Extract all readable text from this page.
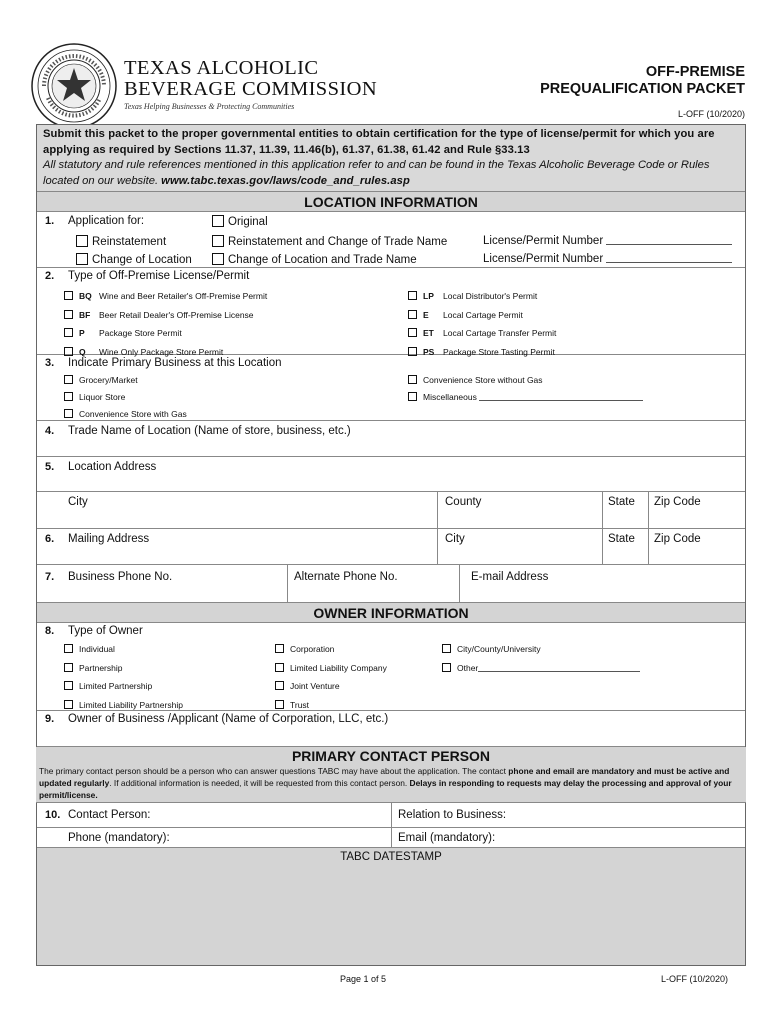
TEXAS ALCOHOLIC
BEVERAGE COMMISSION
Texas Helping Businesses & Protecting Communities
OFF-PREMISE
PREQUALIFICATION PACKET
L-OFF (10/2020)
Submit this packet to the proper governmental entities to obtain certification for the type of license/permit for which you are applying as required by Sections 11.37, 11.39, 11.46(b), 61.37, 61.38, 61.42 and Rule §33.13
All statutory and rule references mentioned in this application refer to and can be found in the Texas Alcoholic Beverage Code or Rules located on our website. www.tabc.texas.gov/laws/code_and_rules.asp
LOCATION INFORMATION
1. Application for:	Original
Reinstatement	Reinstatement and Change of Trade Name	License/Permit Number
Change of Location	Change of Location and Trade Name	License/Permit Number
2. Type of Off-Premise License/Permit
BQ Wine and Beer Retailer's Off-Premise Permit
BF Beer Retail Dealer's Off-Premise License
P Package Store Permit
Q Wine Only Package Store Permit
LP Local Distributor's Permit
E Local Cartage Permit
ET Local Cartage Transfer Permit
PS Package Store Tasting Permit
3. Indicate Primary Business at this Location
Grocery/Market
Liquor Store
Convenience Store with Gas
Convenience Store without Gas
Miscellaneous
4. Trade Name of Location (Name of store, business, etc.)
5. Location Address
City	County	State Zip Code
6. Mailing Address	City	State Zip Code
7. Business Phone No.	Alternate Phone No.	E-mail Address
OWNER INFORMATION
8. Type of Owner
Individual
Partnership
Limited Partnership
Limited Liability Partnership
Corporation
Limited Liability Company
Joint Venture
Trust
City/County/University
Other
9. Owner of Business /Applicant (Name of Corporation, LLC, etc.)
PRIMARY CONTACT PERSON
The primary contact person should be a person who can answer questions TABC may have about the application. The contact phone and email are mandatory and must be active and updated regularly. If additional information is needed, it will be requested from this contact person. Delays in responding to requests may delay the processing and approval of your permit/license.
10. Contact Person:	Relation to Business:
Phone (mandatory):	Email (mandatory):
TABC DATESTAMP
Page 1 of 5	L-OFF (10/2020)
